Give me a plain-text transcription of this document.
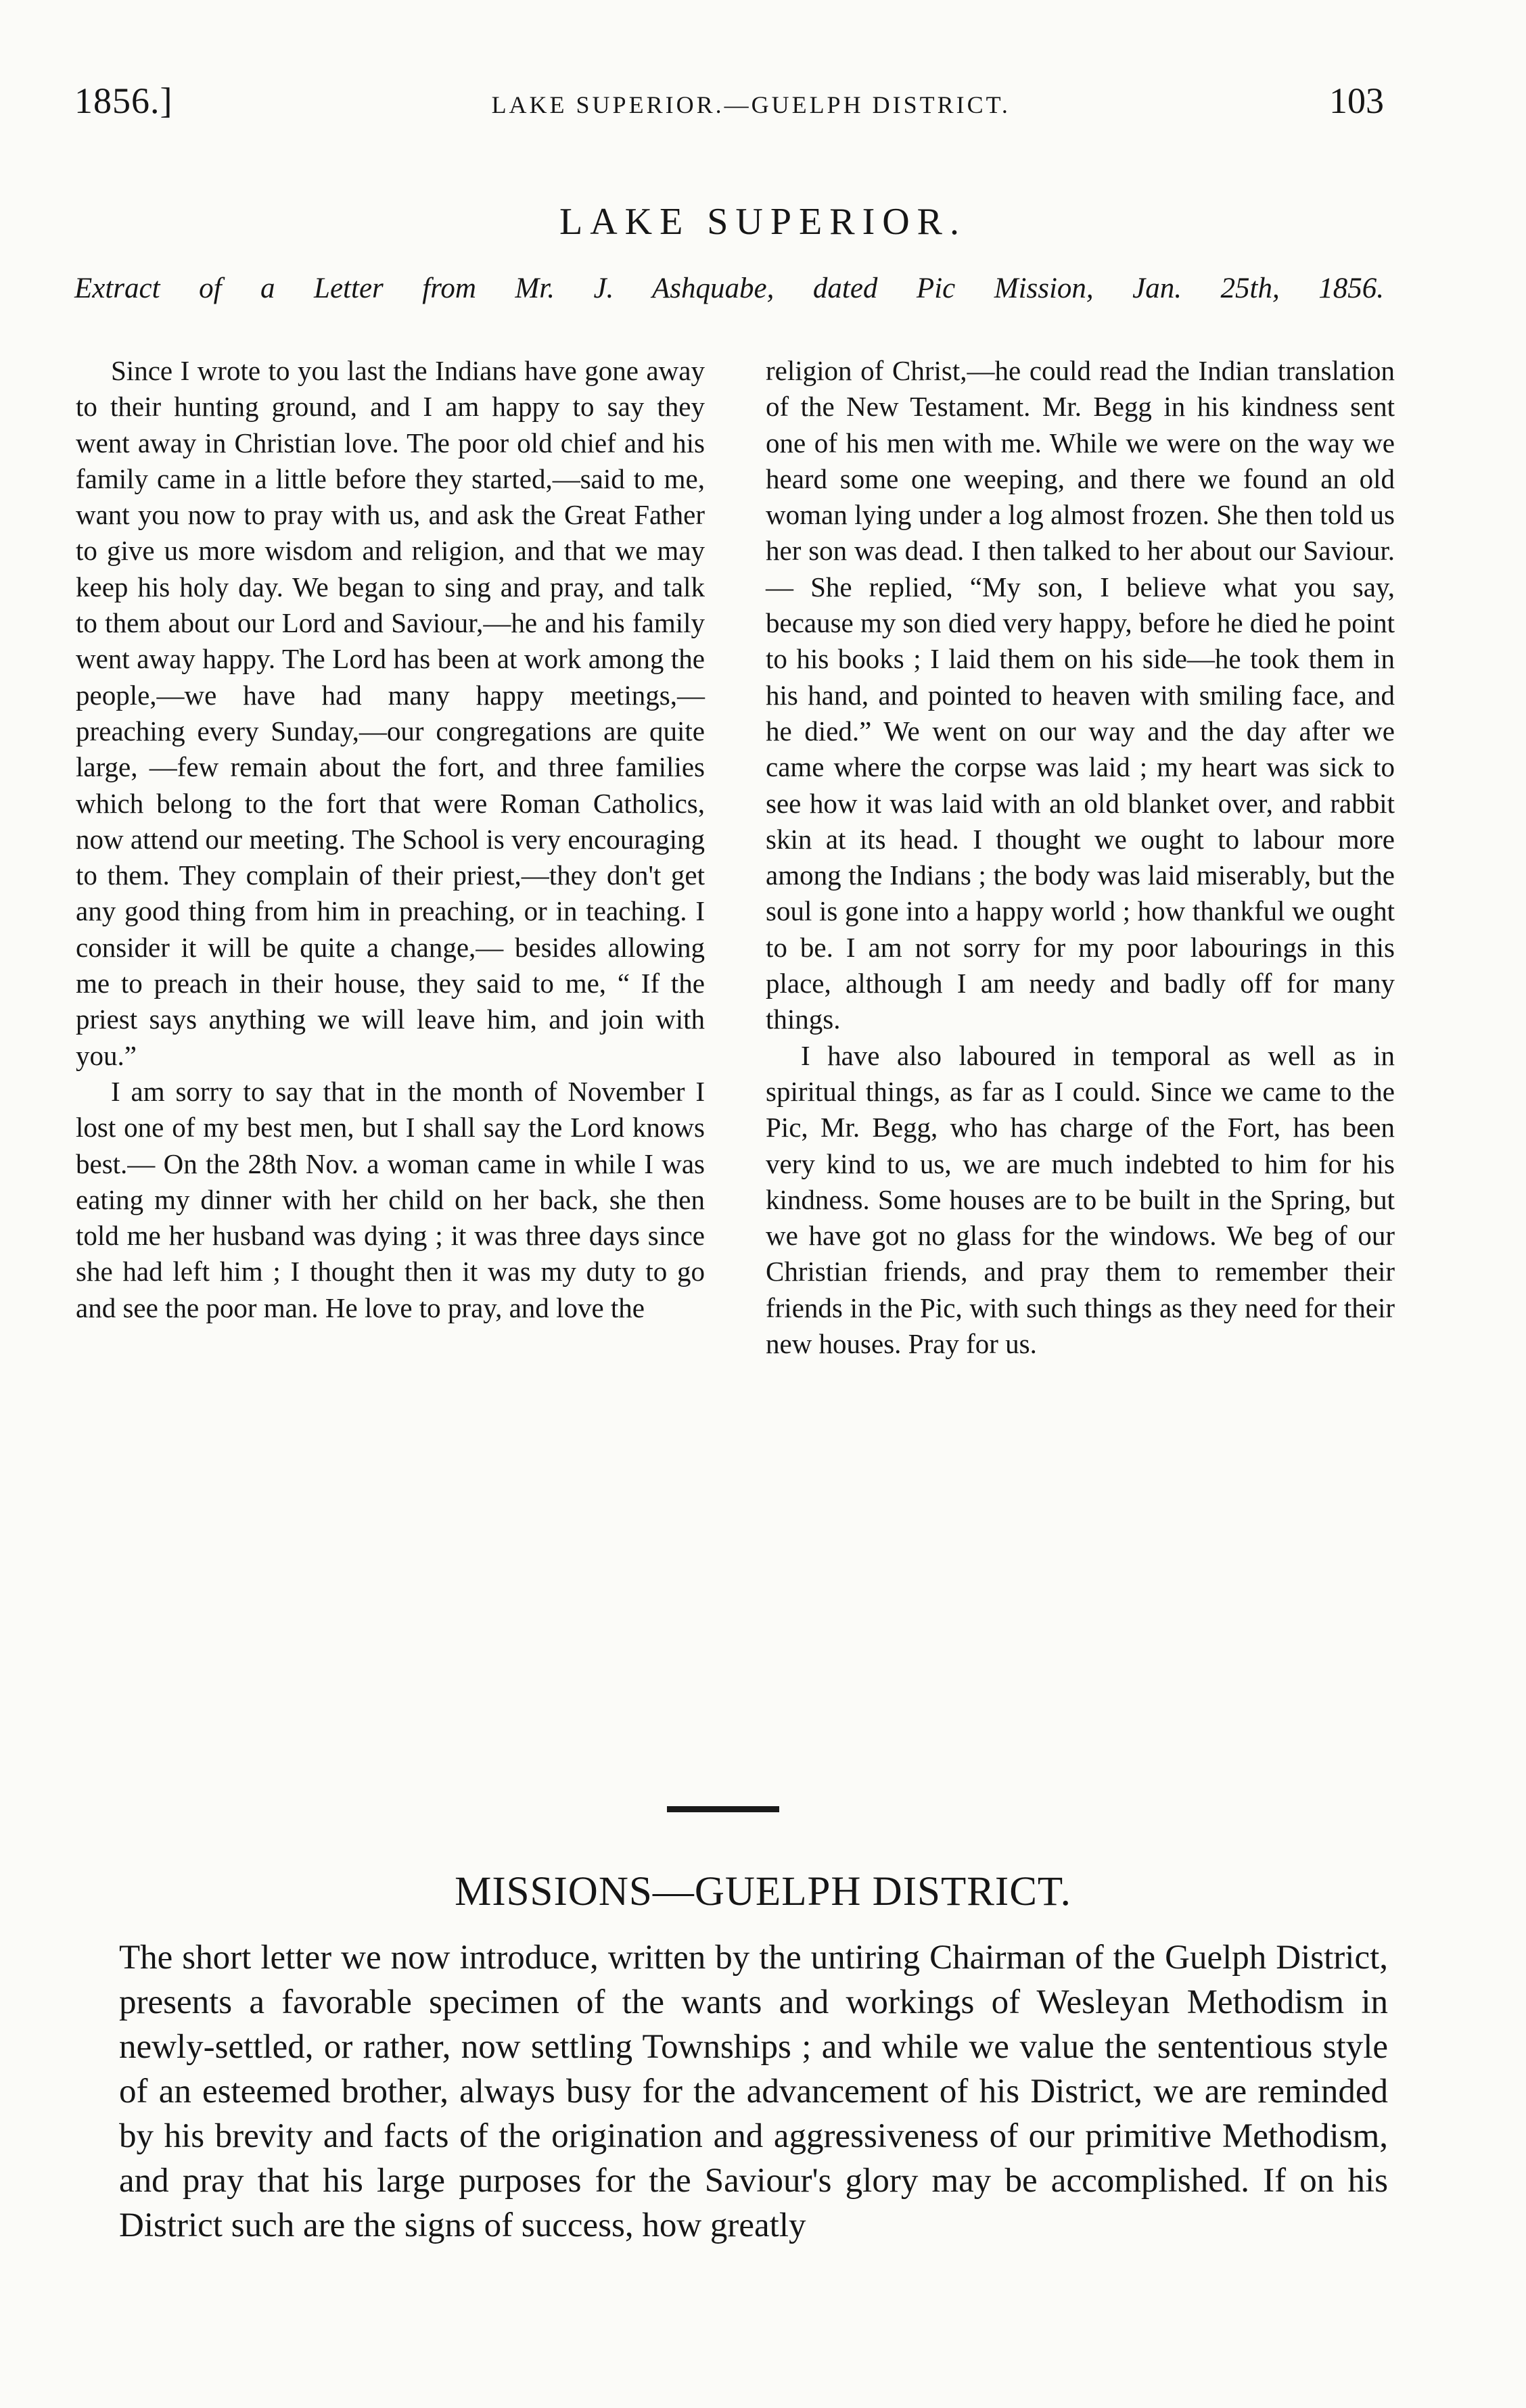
1856.]	LAKE SUPERIOR.—GUELPH DISTRICT.	103
LAKE SUPERIOR.
Extract of a Letter from Mr. J. Ashquabe, dated Pic Mission, Jan. 25th, 1856.

Since I wrote to you last the Indians have gone away to their hunting ground, and I am happy to say they went away in Christian love. The poor old chief and his family came in a little before they started,—said to me, want you now to pray with us, and ask the Great Father to give us more wisdom and religion, and that we may keep his holy day. We began to sing and pray, and talk to them about our Lord and Saviour,—he and his family went away happy. The Lord has been at work among the people,—we have had many happy meetings,—preaching every Sunday,—our congregations are quite large, —few remain about the fort, and three families which belong to the fort that were Roman Catholics, now attend our meeting. The School is very encouraging to them. They complain of their priest,—they don't get any good thing from him in preaching, or in teaching. I consider it will be quite a change,— besides allowing me to preach in their house, they said to me, “ If the priest says anything we will leave him, and join with you.”

I am sorry to say that in the month of November I lost one of my best men, but I shall say the Lord knows best.— On the 28th Nov. a woman came in while I was eating my dinner with her child on her back, she then told me her husband was dying ; it was three days since she had left him ; I thought then it was my duty to go and see the poor man. He love to pray, and love the

religion of Christ,—he could read the Indian translation of the New Testament. Mr. Begg in his kindness sent one of his men with me. While we were on the way we heard some one weeping, and there we found an old woman lying under a log almost frozen. She then told us her son was dead. I then talked to her about our Saviour.— She replied, “My son, I believe what you say, because my son died very happy, before he died he point to his books ; I laid them on his side—he took them in his hand, and pointed to heaven with smiling face, and he died.” We went on our way and the day after we came where the corpse was laid ; my heart was sick to see how it was laid with an old blanket over, and rabbit skin at its head. I thought we ought to labour more among the Indians ; the body was laid miserably, but the soul is gone into a happy world ; how thankful we ought to be. I am not sorry for my poor labourings in this place, although I am needy and badly off for many things.

I have also laboured in temporal as well as in spiritual things, as far as I could. Since we came to the Pic, Mr. Begg, who has charge of the Fort, has been very kind to us, we are much indebted to him for his kindness. Some houses are to be built in the Spring, but we have got no glass for the windows. We beg of our Christian friends, and pray them to remember their friends in the Pic, with such things as they need for their new houses. Pray for us.

MISSIONS—GUELPH DISTRICT.

The short letter we now introduce, written by the untiring Chairman of the Guelph District, presents a favorable specimen of the wants and workings of Wesleyan Methodism in newly-settled, or rather, now settling Townships ; and while we value the sententious style of an esteemed brother, always busy for the advancement of his District, we are reminded by his brevity and facts of the origination and aggressiveness of our primitive Methodism, and pray that his large purposes for the Saviour's glory may be accomplished. If on his District such are the signs of success, how greatly
